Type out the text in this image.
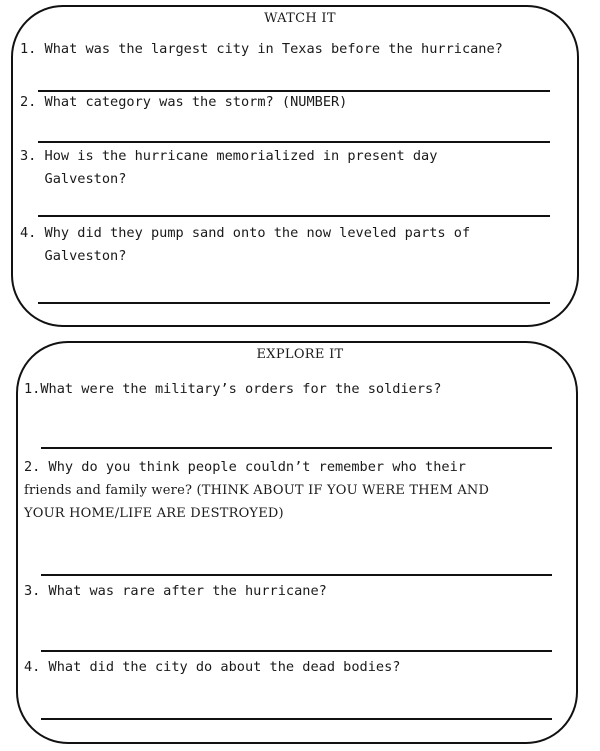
WATCH IT
1. What was the largest city in Texas before the hurricane?
2. What category was the storm? (NUMBER)
3. How is the hurricane memorialized in present day
Galveston?
4. Why did they pump sand onto the now leveled parts of
Galveston?
EXPLORE IT
1.What were the military’s orders for the soldiers?
2. Why do you think people couldn’t remember who their
friends and family were? (THINK ABOUT IF YOU WERE THEM AND
YOUR HOME/LIFE ARE DESTROYED)
3. What was rare after the hurricane?
4. What did the city do about the dead bodies?
